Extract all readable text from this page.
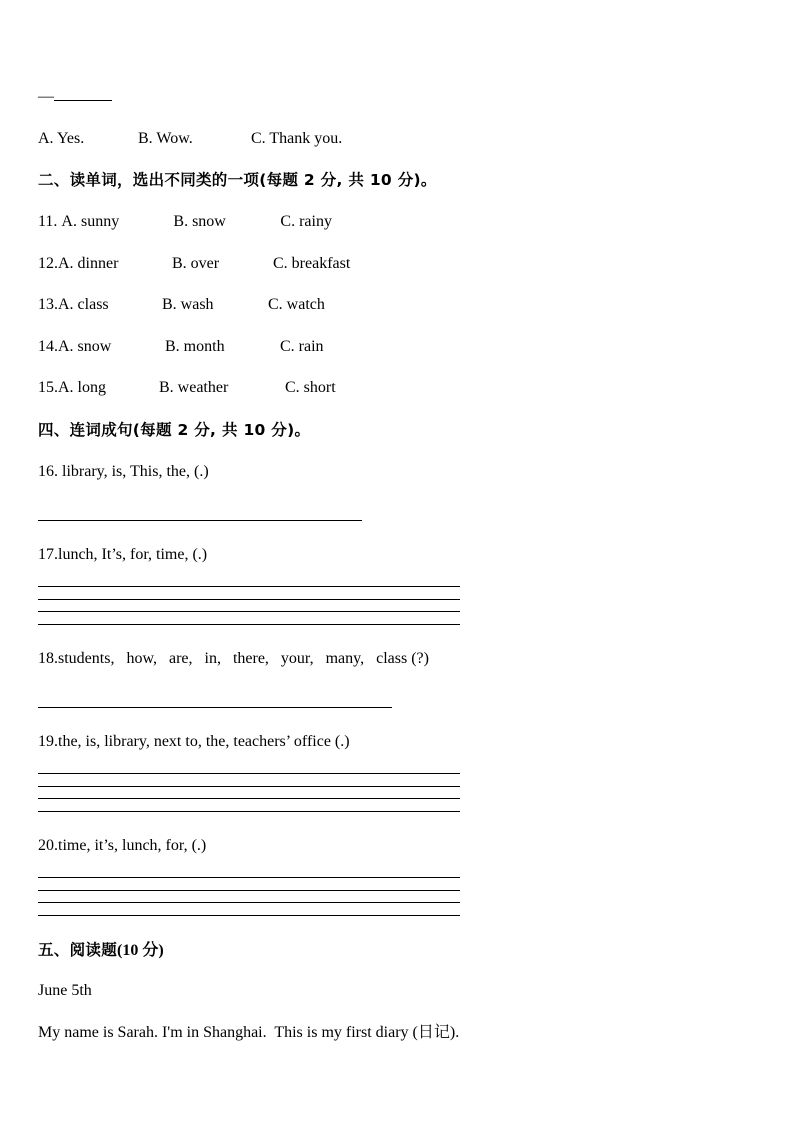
—
A. Yes.	B. Wow.	C. Thank you.
二、读单词，选出不同类的一项(每题 2 分, 共 10 分)。
11. A. sunny	B. snow	C. rainy
12.A. dinner	B. over	C. breakfast
13.A. class	B. wash	C. watch
14.A. snow	B. month	C. rain
15.A. long	B. weather	C. short
四、连词成句(每题 2 分, 共 10 分)。
16. library, is, This, the, (.)
17.lunch, It’s, for, time, (.)
18.students,   how,   are,   in,   there,   your,   many,   class (?)
19.the, is, library, next to, the, teachers’ office (.)
20.time, it’s, lunch, for, (.)
五、阅读题(10 分)
June 5th
My name is Sarah. I'm in Shanghai.  This is my first diary (日记).
